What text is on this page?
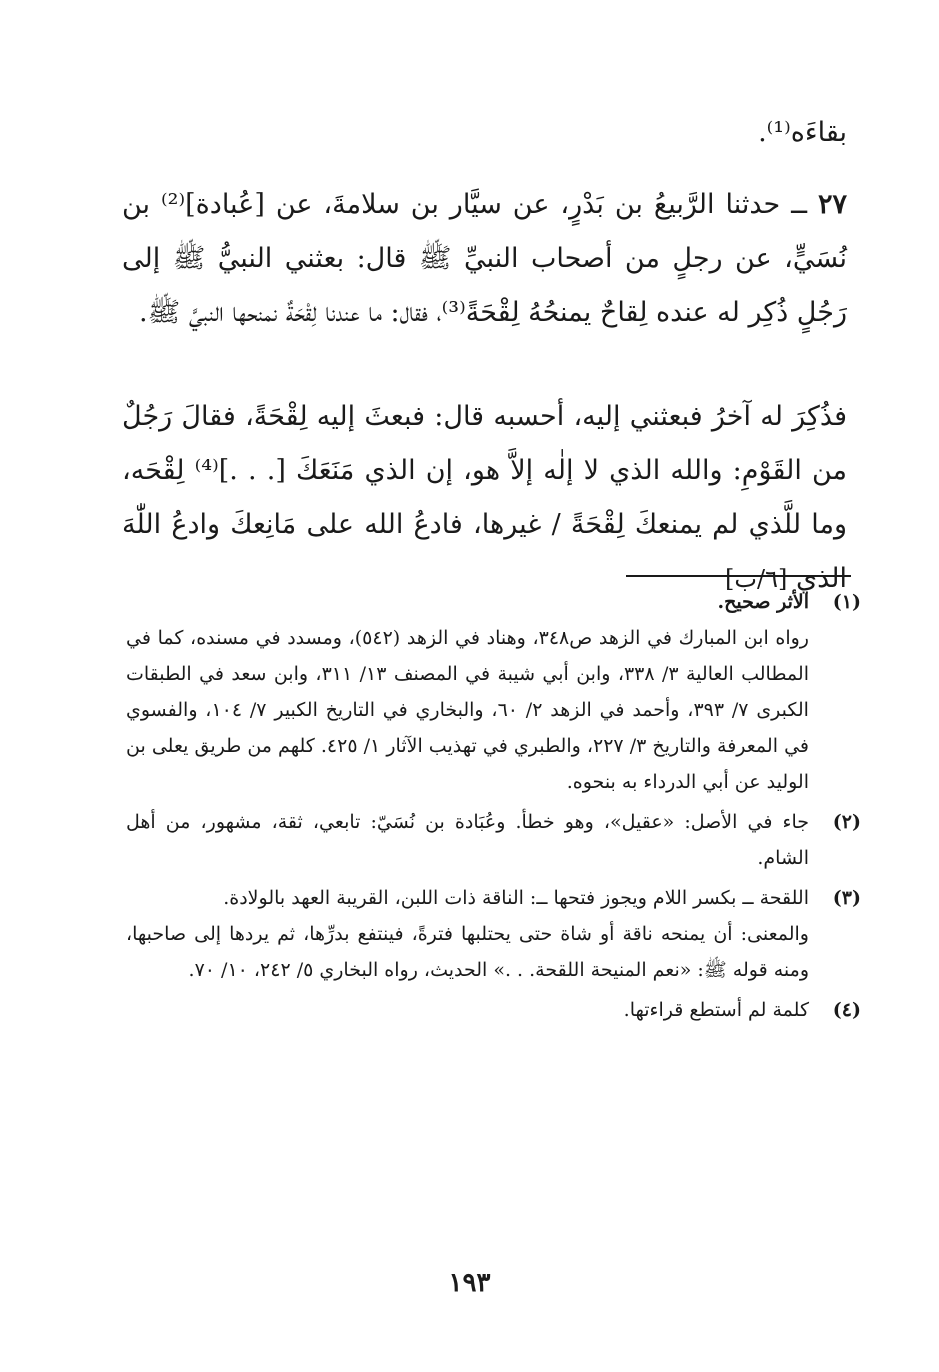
بقاءَه⁽¹⁾.
٢٧ ــ حدثنا الرَّبيعُ بن بَدْرٍ، عن سيَّار بن سلامةَ، عن [عُبادة]⁽²⁾ بن نُسَيٍّ، عن رجلٍ من أصحاب النبيِّ ﷺ قال: بعثني النبيُّ ﷺ إلى رَجُلٍ ذُكِر له عنده لِقاحٌ يمنحُهُ لِقْحَةً⁽³⁾، فقال: ما عندنا لِقْحَةٌ نمنحها النبيَّ ﷺ.
فذُكِرَ له آخرُ فبعثني إليه، أحسبه قال: فبعثَ إليه لِقْحَةً، فقالَ رَجُلٌ من القَوْمِ: والله الذي لا إلٰه إلاَّ هو، إن الذي مَنَعَكَ [. . .]⁽⁴⁾ لِقْحَه، وما للَّذي لم يمنعكَ لِقْحَةً / غيرها، فادعُ الله على مَانِعكَ وادعُ اللّٰهَ الذي [٦/ب]
(١)
الأثر صحيح.
رواه ابن المبارك في الزهد ص٣٤٨، وهناد في الزهد (٥٤٢)، ومسدد في مسنده، كما في المطالب العالية ٣/ ٣٣٨، وابن أبي شيبة في المصنف ١٣/ ٣١١، وابن سعد في الطبقات الكبرى ٧/ ٣٩٣، وأحمد في الزهد ٢/ ٦٠، والبخاري في التاريخ الكبير ٧/ ١٠٤، والفسوي في المعرفة والتاريخ ٣/ ٢٢٧، والطبري في تهذيب الآثار ١/ ٤٢٥. كلهم من طريق يعلى بن الوليد عن أبي الدرداء به بنحوه.
(٢)
جاء في الأصل: «عقيل»، وهو خطأ. وعُبَادة بن نُسَيّ: تابعي، ثقة، مشهور، من أهل الشام.
(٣)
اللقحة ــ بكسر اللام ويجوز فتحها ــ: الناقة ذات اللبن، القريبة العهد بالولادة.
والمعنى: أن يمنحه ناقة أو شاة حتى يحتلبها فترةً، فينتفع بدرِّها، ثم يردها إلى صاحبها، ومنه قوله ﷺ: «نعم المنيحة اللقحة. . .» الحديث، رواه البخاري ٥/ ٢٤٢، ١٠/ ٧٠.
(٤)
كلمة لم أستطع قراءتها.
١٩٣
